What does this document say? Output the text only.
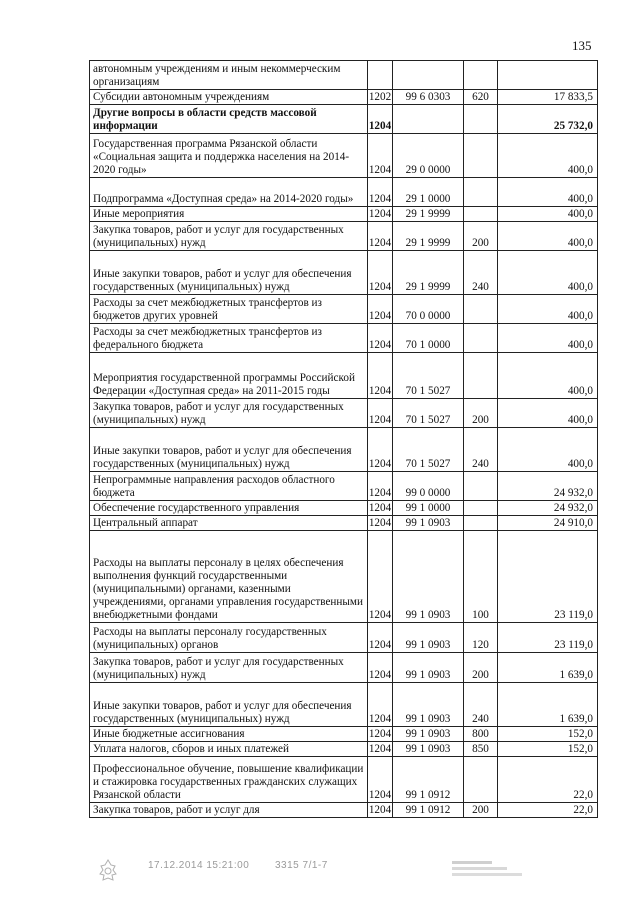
135
автономным учреждениям и иным некоммерческим организациям				
Субсидии автономным учреждениям	1202	99 6 0303	620	17 833,5
Другие вопросы в области средств массовой информации	1204			25 732,0
Государственная программа Рязанской области «Социальная защита и поддержка населения на 2014-2020 годы»	1204	29 0 0000		400,0
Подпрограмма «Доступная среда» на 2014-2020 годы»	1204	29 1 0000		400,0
Иные мероприятия	1204	29 1 9999		400,0
Закупка товаров, работ и услуг для государственных (муниципальных) нужд	1204	29 1 9999	200	400,0
Иные закупки товаров, работ и услуг для обеспечения государственных (муниципальных) нужд	1204	29 1 9999	240	400,0
Расходы за счет межбюджетных трансфертов из бюджетов других уровней	1204	70 0 0000		400,0
Расходы за счет межбюджетных трансфертов из федерального бюджета	1204	70 1 0000		400,0
Мероприятия государственной программы Российской Федерации «Доступная среда» на 2011-2015 годы	1204	70 1 5027		400,0
Закупка товаров, работ и услуг для государственных (муниципальных) нужд	1204	70 1 5027	200	400,0
Иные закупки товаров, работ и услуг для обеспечения государственных (муниципальных) нужд	1204	70 1 5027	240	400,0
Непрограммные направления расходов областного бюджета	1204	99 0 0000		24 932,0
Обеспечение государственного управления	1204	99 1 0000		24 932,0
Центральный аппарат	1204	99 1 0903		24 910,0
Расходы на выплаты персоналу в целях обеспечения выполнения функций государственными (муниципальными) органами, казенными учреждениями, органами управления государственными внебюджетными фондами	1204	99 1 0903	100	23 119,0
Расходы на выплаты персоналу государственных (муниципальных) органов	1204	99 1 0903	120	23 119,0
Закупка товаров, работ и услуг для государственных (муниципальных) нужд	1204	99 1 0903	200	1 639,0
Иные закупки товаров, работ и услуг для обеспечения государственных (муниципальных) нужд	1204	99 1 0903	240	1 639,0
Иные бюджетные ассигнования	1204	99 1 0903	800	152,0
Уплата налогов, сборов и иных платежей	1204	99 1 0903	850	152,0
Профессиональное обучение, повышение квалификации и стажировка государственных гражданских служащих Рязанской области	1204	99 1 0912		22,0
Закупка товаров, работ и услуг для	1204	99 1 0912	200	22,0
17.12.2014 15:21:00	3315 7/1-7
